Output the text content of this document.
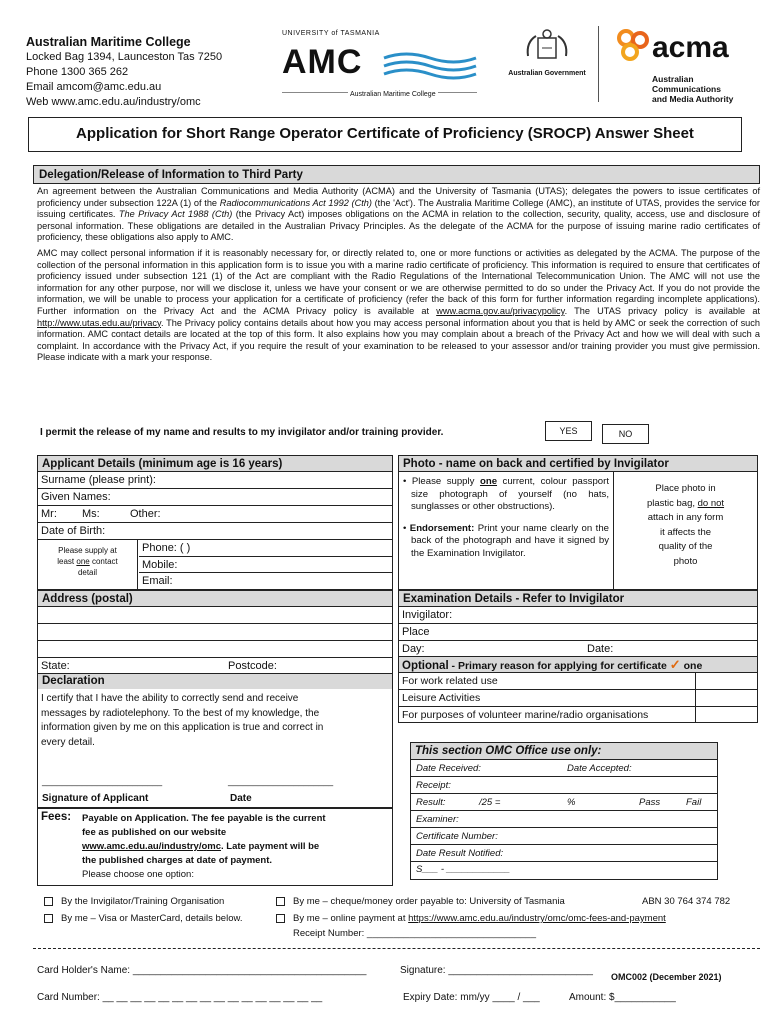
Australian Maritime College
Locked Bag 1394, Launceston Tas 7250
Phone 1300 365 262
Email amcom@amc.edu.au
Web www.amc.edu.au/industry/omc
UNIVERSITY of TASMANIA
AMC
Australian Maritime College
Australian Government
acma
Australian
Communications
and Media Authority
Application for Short Range Operator Certificate of Proficiency (SROCP) Answer Sheet
Delegation/Release of Information to Third Party

An agreement between the Australian Communications and Media Authority (ACMA) and the University of Tasmania (UTAS); delegates the powers to issue certificates of proficiency under subsection 122A (1) of the Radiocommunications Act 1992 (Cth) (the 'Act'). The Australia Maritime College (AMC), an institute of UTAS, provides the service for issuing certificates. The Privacy Act 1988 (Cth) (the Privacy Act) imposes obligations on the ACMA in relation to the collection, security, quality, access, use and disclosure of personal information. These obligations are detailed in the Australian Privacy Principles. As the delegate of the ACMA for the purpose of issuing marine radio certificates of proficiency, these obligations also apply to AMC.

AMC may collect personal information if it is reasonably necessary for, or directly related to, one or more functions or activities as delegated by the ACMA. The purpose of the collection of the personal information in this application form is to issue you with a marine radio certificate of proficiency. This information is required to ensure that certificates of proficiency issued under subsection 121 (1) of the Act are compliant with the Radio Regulations of the International Telecommunication Union. The AMC will not use the information for any other purpose, nor will we disclose it, unless we have your consent or we are otherwise permitted to do so under the Privacy Act. If you do not provide the information, we will be unable to process your application for a certificate of proficiency (refer the back of this form for further information regarding incomplete applications). Further information on the Privacy Act and the ACMA Privacy policy is available at www.acma.gov.au/privacypolicy. The UTAS privacy policy is available at http://www.utas.edu.au/privacy. The Privacy policy contains details about how you may access personal information about you that is held by AMC or seek the correction of such information. AMC contact details are located at the top of this form. It also explains how you may complain about a breach of the Privacy Act and how we will deal with such a complaint. In accordance with the Privacy Act, if you require the result of your examination to be released to your assessor and/or training provider you must give permission. Please indicate with a mark your response.

I permit the release of my name and results to my invigilator and/or training provider.	YES	NO
Applicant Details (minimum age is 16 years)
Surname (please print):
Given Names:
Mr: Ms:	Other:
Date of Birth:
Please supply at
least one contact
detail
Phone: ( )
Mobile:
Email:
Address (postal)
State:	Postcode:
Declaration
I certify that I have the ability to correctly send and receive messages by radiotelephony. To the best of my knowledge, the information given by me on this application is true and correct in every detail.
________________________	_____________________
Signature of Applicant	Date
Fees: Payable on Application. The fee payable is the current
fee as published on our website
www.amc.edu.au/industry/omc. Late payment will be
the published charges at date of payment.
Please choose one option:
Photo - name on back and certified by Invigilator
• Please supply one current, colour passport size photograph of yourself (no hats, sunglasses or other obstructions).
• Endorsement: Print your name clearly on the back of the photograph and have it signed by the Examination Invigilator.
Place photo in
plastic bag, do not
attach in any form
it affects the
quality of the
photo
Examination Details - Refer to Invigilator
Invigilator:
Place
Day:	Date:
Optional - Primary reason for applying for certificate ✓ one
For work related use
Leisure Activities
For purposes of volunteer marine/radio organisations
This section OMC Office use only:
Date Received:	Date Accepted:
Receipt:
Result:	/25 =	%	Pass	Fail
Examiner:
Certificate Number:
Date Result Notified:
S___ - ____________
By the Invigilator/Training Organisation	By me – cheque/money order payable to: University of Tasmania	ABN 30 764 374 782
By me – Visa or MasterCard, details below.	By me – online payment at https://www.amc.edu.au/industry/omc/omc-fees-and-payment
Receipt Number: ________________________________
Card Holder's Name: __________________________________________	Signature: __________________________
OMC002 (December 2021)
Card Number: __ __ __ __ __ __ __ __ __ __ __ __ __ __ __ __	Expiry Date: mm/yy ____ / ___	Amount: $___________
